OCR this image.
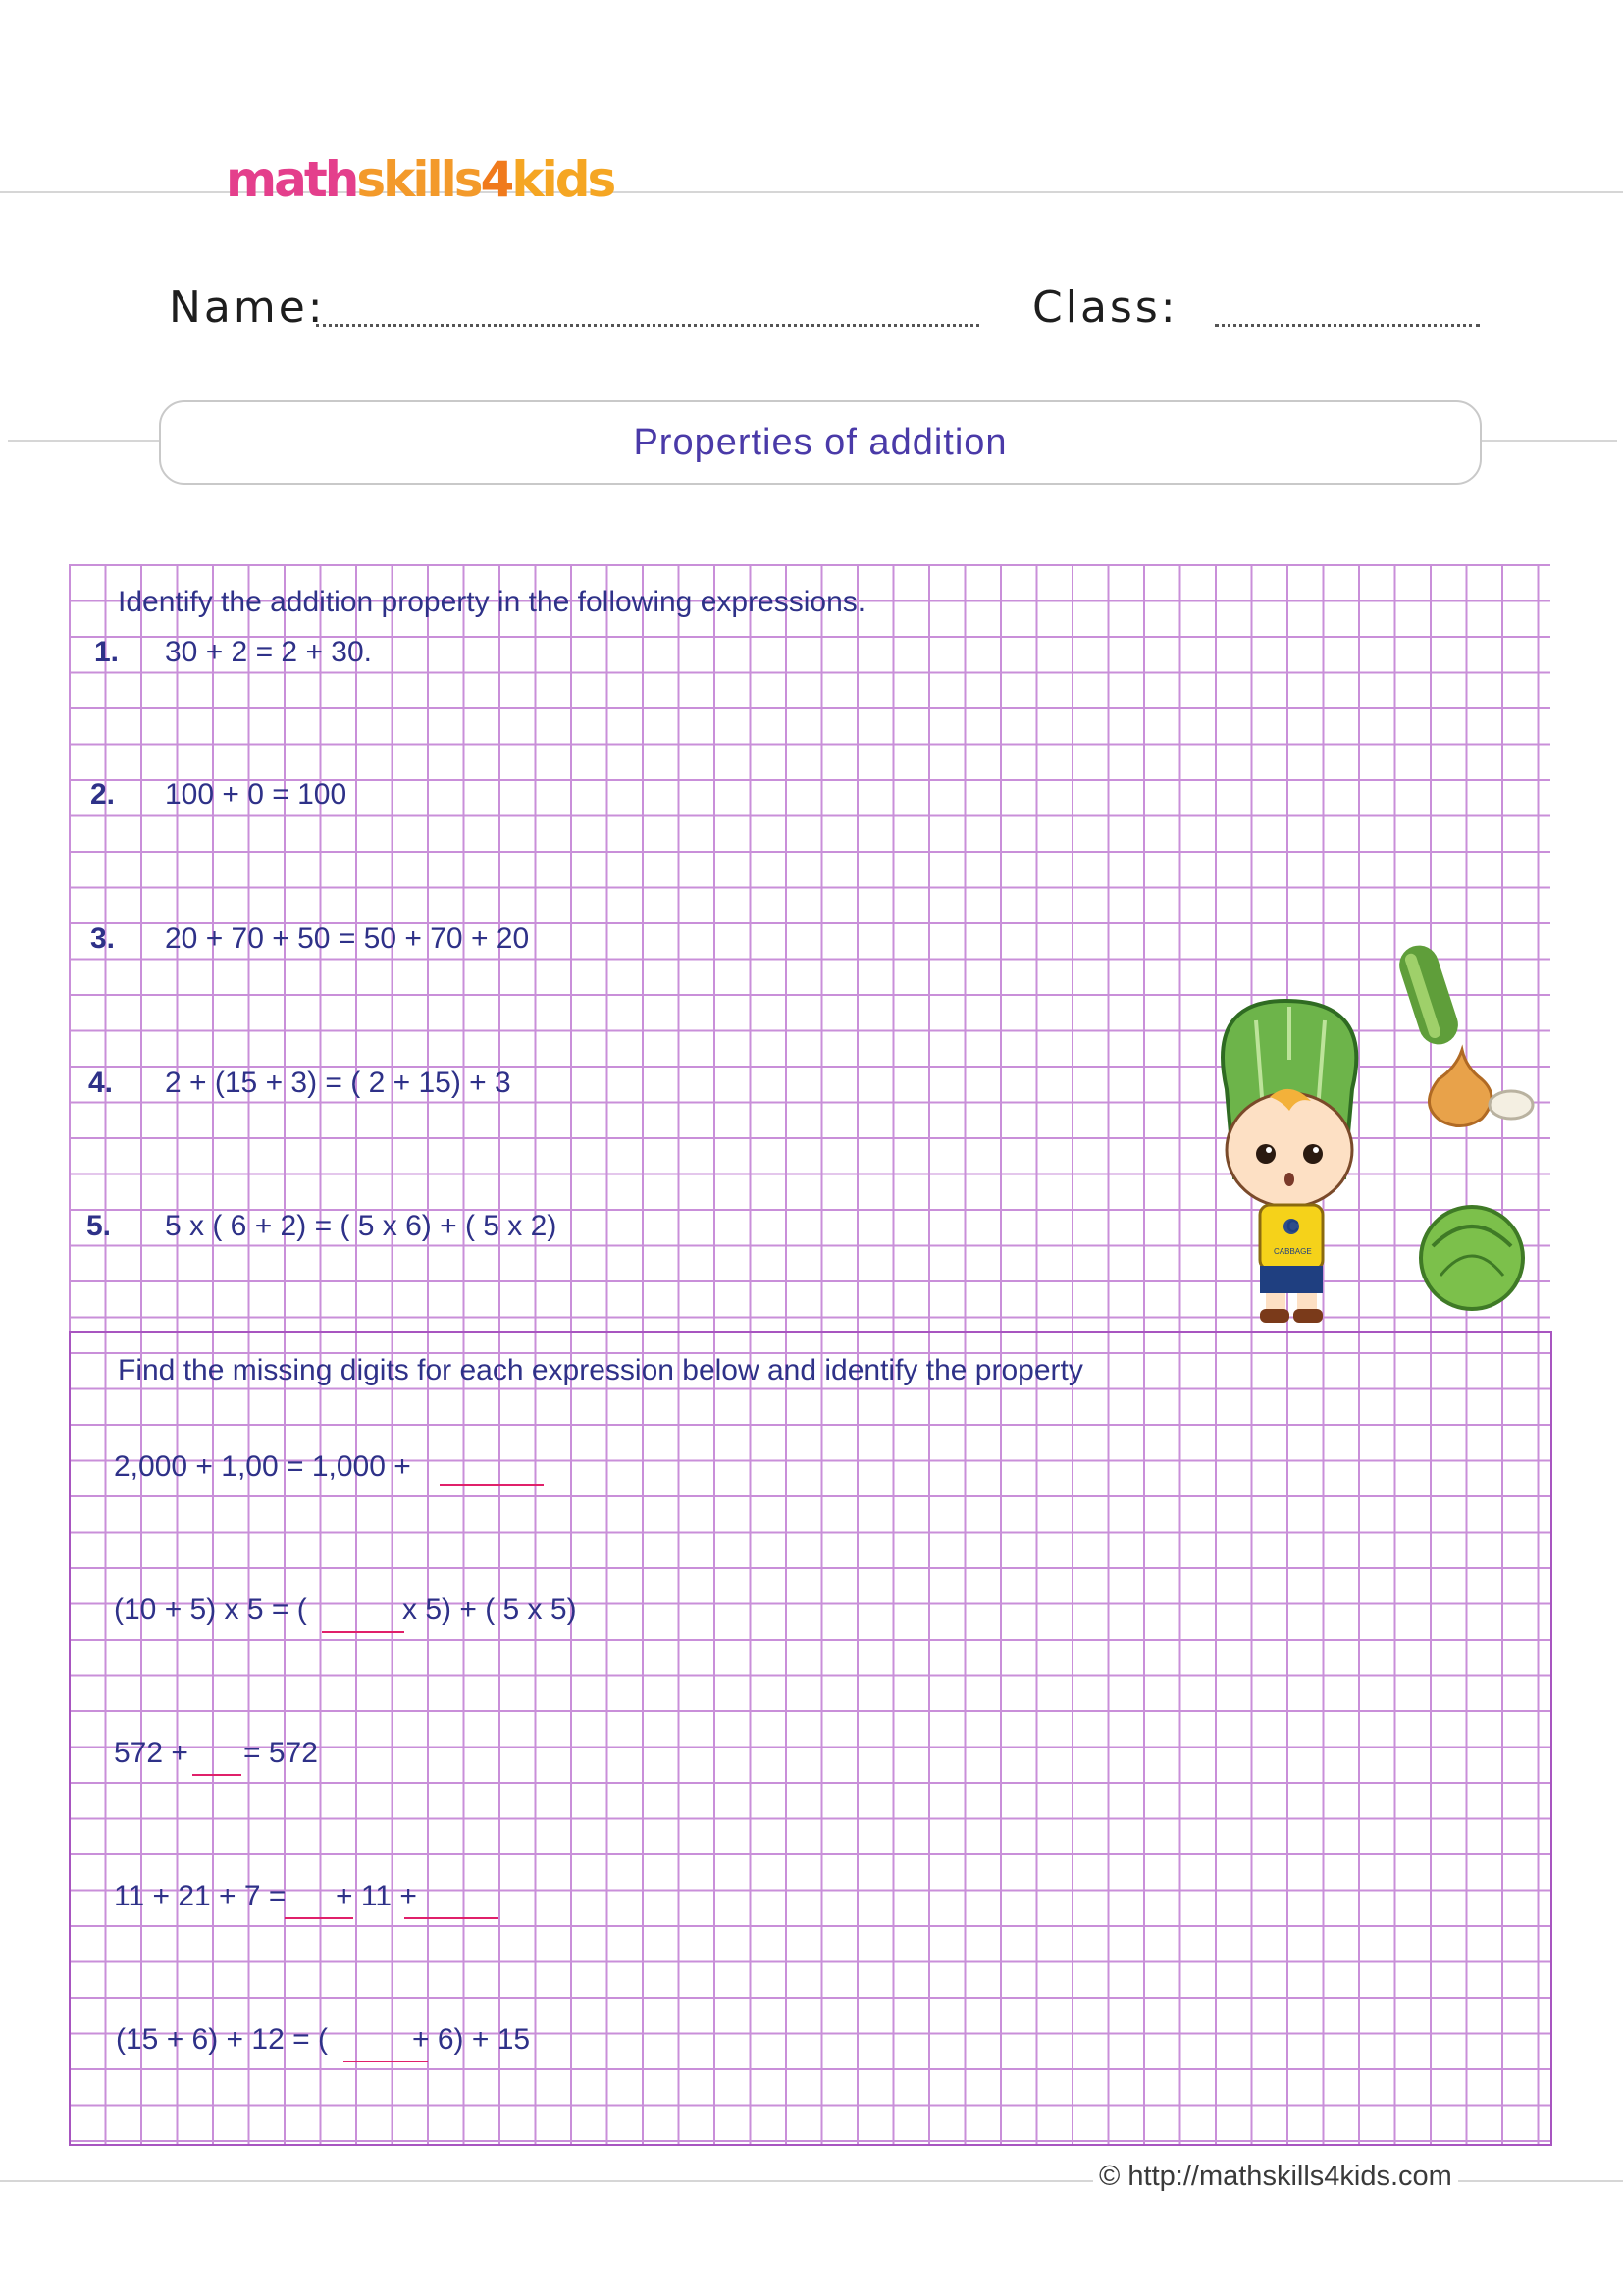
mathskills4kids
Name:	Class:
Properties of addition
Identify the addition property in the following expressions.
1. 30 + 2 = 2 + 30.
2. 100 + 0 = 100
3. 20 + 70 + 50 = 50 + 70 + 20
4. 2 + (15 + 3) = ( 2 + 15) + 3
5. 5 x ( 6 + 2) = ( 5 x 6) + ( 5 x 2)
Find the missing digits for each expression below and identify the property
2,000 + 1,00 = 1,000 +
(10 + 5) x 5 = (	x 5) + ( 5 x 5)
572 + = 572
11 + 21 + 7 = + 11 +
(15 + 6) + 12 = (	+ 6) + 15
C
CABBAGE
© http://mathskills4kids.com
